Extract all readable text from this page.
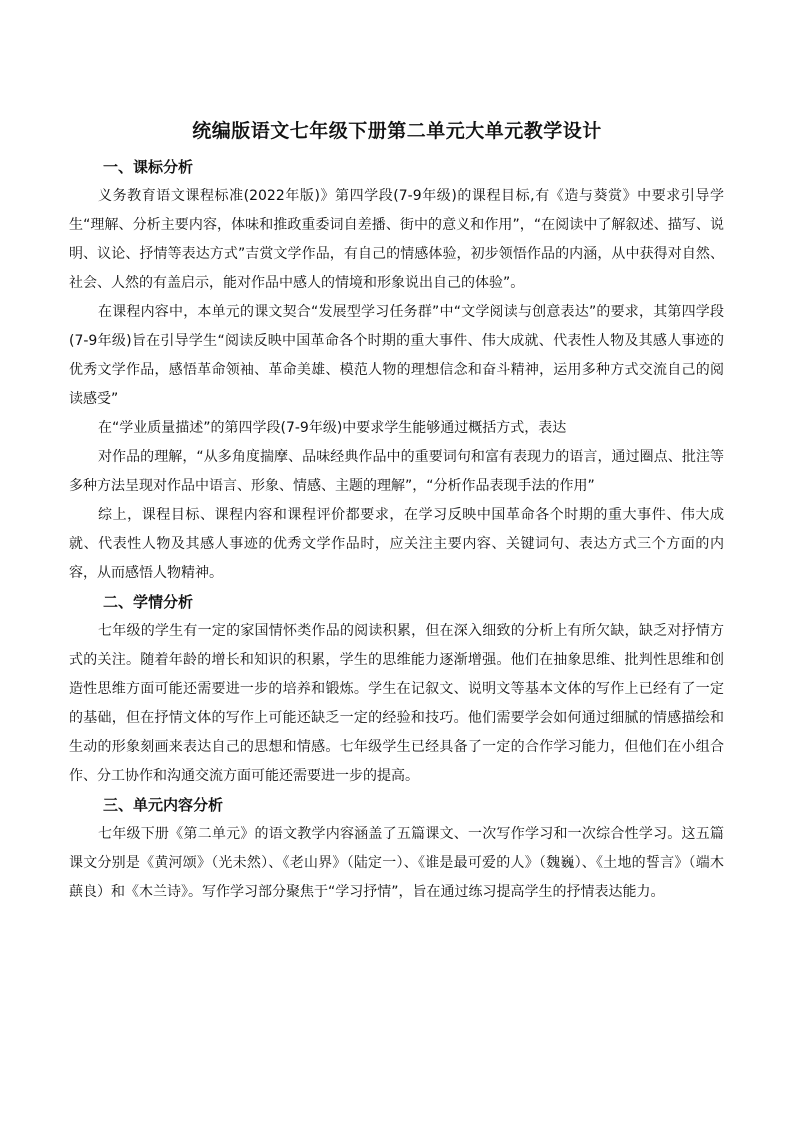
统编版语文七年级下册第二单元大单元教学设计

一、课标分析

义务教育语文课程标准(2022年版)》第四学段(7-9年级)的课程目标,有《造与葵赏》中要求引导学生“理解、分析主要内容，体味和推政重委词自差播、街中的意义和作用”，“在阅读中了解叙述、描写、说明、议论、抒情等表达方式”吉赏文学作品，有自己的情感体验，初步领悟作品的内涵，从中获得对自然、社会、人然的有盖启示，能对作品中感人的情境和形象说出自己的体验”。

在课程内容中，本单元的课文契合“发展型学习任务群”中“文学阅读与创意表达”的要求，其第四学段(7-9年级)旨在引导学生“阅读反映中国革命各个时期的重大事件、伟大成就、代表性人物及其感人事迹的优秀文学作品，感悟革命领袖、革命美雄、模范人物的理想信念和奋斗精神，运用多种方式交流自己的阅读感受”

在“学业质量描述”的第四学段(7-9年级)中要求学生能够通过概括方式，表达

对作品的理解，“从多角度揣摩、品味经典作品中的重要词句和富有表现力的语言，通过圈点、批注等多种方法呈现对作品中语言、形象、情感、主题的理解”，“分析作品表现手法的作用”

综上，课程目标、课程内容和课程评价都要求，在学习反映中国革命各个时期的重大事件、伟大成就、代表性人物及其感人事迹的优秀文学作品时，应关注主要内容、关键词句、表达方式三个方面的内容，从而感悟人物精神。

二、学情分析

七年级的学生有一定的家国情怀类作品的阅读积累，但在深入细致的分析上有所欠缺，缺乏对抒情方式的关注。随着年龄的增长和知识的积累，学生的思维能力逐渐增强。他们在抽象思维、批判性思维和创造性思维方面可能还需要进一步的培养和锻炼。学生在记叙文、说明文等基本文体的写作上已经有了一定的基础，但在抒情文体的写作上可能还缺乏一定的经验和技巧。他们需要学会如何通过细腻的情感描绘和生动的形象刻画来表达自己的思想和情感。七年级学生已经具备了一定的合作学习能力，但他们在小组合作、分工协作和沟通交流方面可能还需要进一步的提高。

三、单元内容分析

七年级下册《第二单元》的语文教学内容涵盖了五篇课文、一次写作学习和一次综合性学习。这五篇课文分别是《黄河颂》（光未然）、《老山界》（陆定一）、《谁是最可爱的人》（魏巍）、《土地的誓言》（端木蕻良）和《木兰诗》。写作学习部分聚焦于“学习抒情”，旨在通过练习提高学生的抒情表达能力。
